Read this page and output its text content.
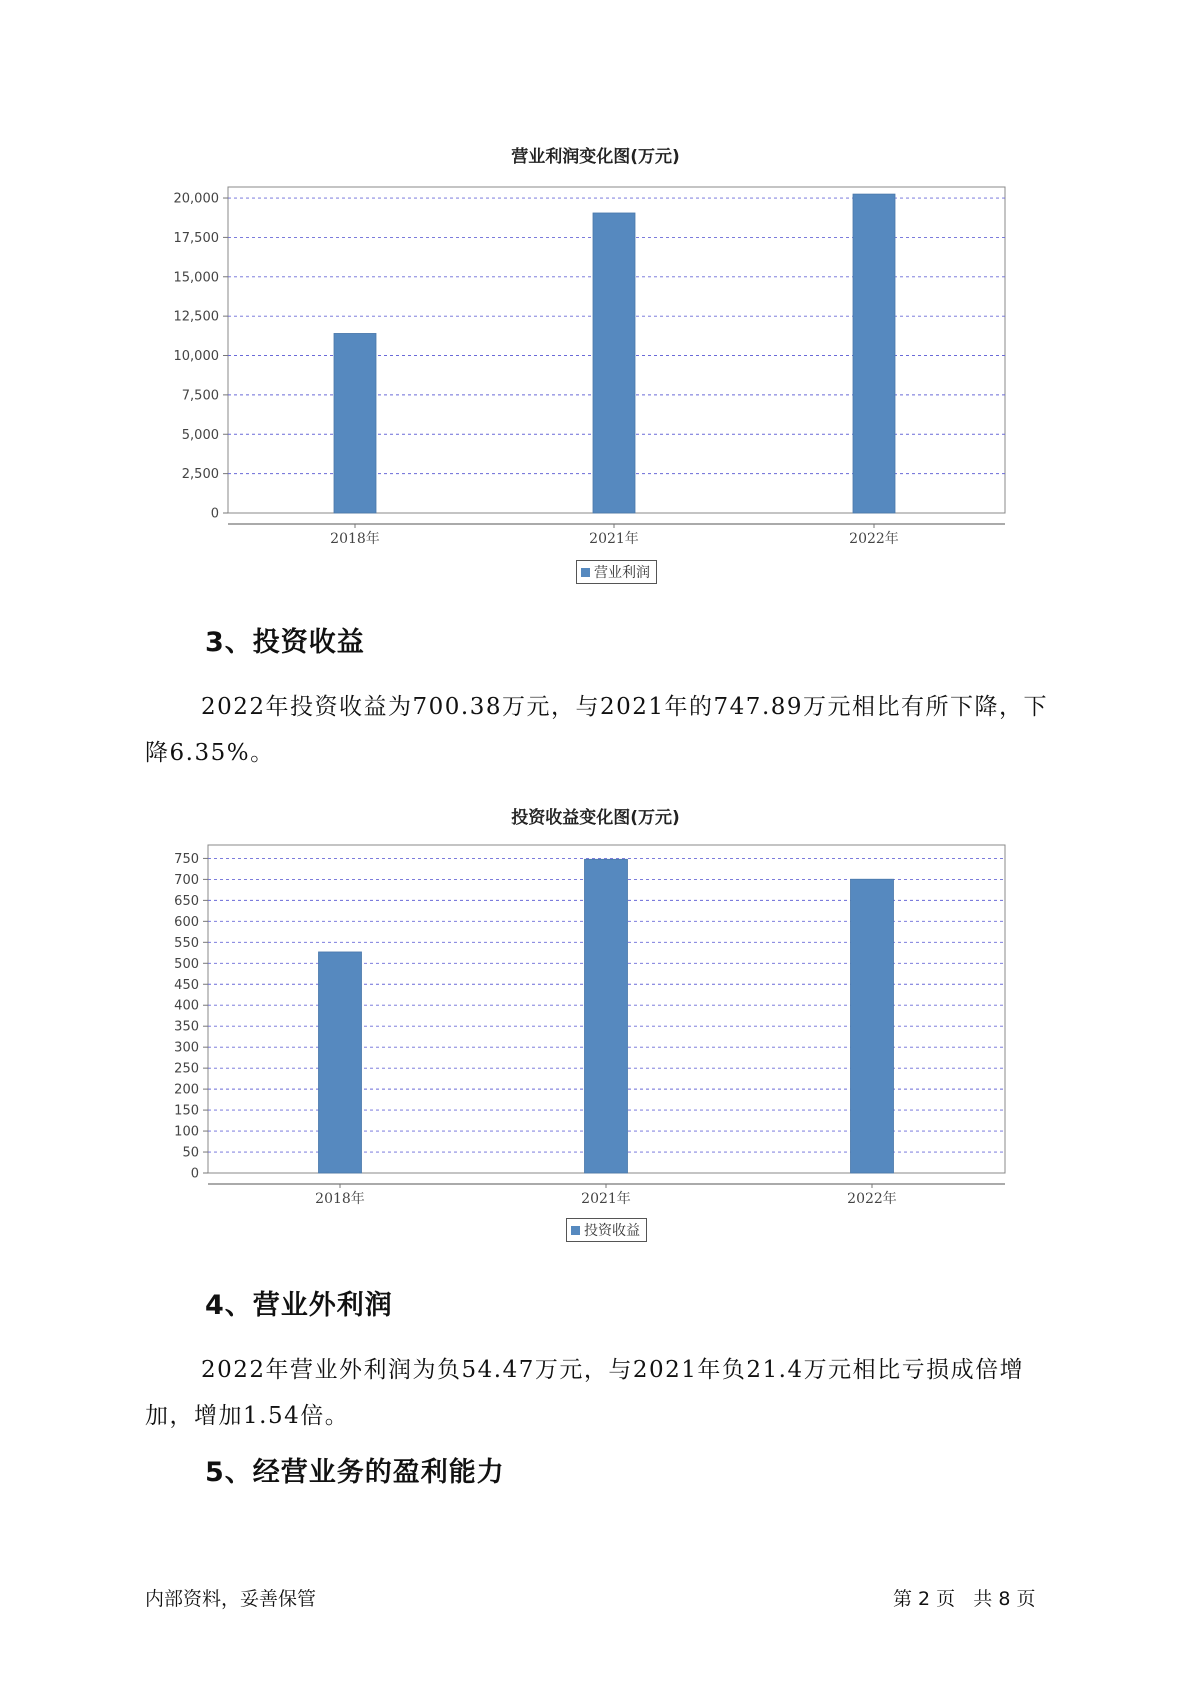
营业利润变化图(万元)
0
2,500
5,000
7,500
10,000
12,500
15,000
17,500
20,000
2018年	2021年	2022年
营业利润
3、投资收益

2022年投资收益为700.38万元，与2021年的747.89万元相比有所下降，下降6.35%。

投资收益变化图(万元)
0
50
100
150
200
250
300
350
400
450
500
550
600
650
700
750
2018年	2021年	2022年
投资收益
4、营业外利润

2022年营业外利润为负54.47万元，与2021年负21.4万元相比亏损成倍增加，增加1.54倍。

5、经营业务的盈利能力
内部资料，妥善保管	第 2 页   共 8 页
